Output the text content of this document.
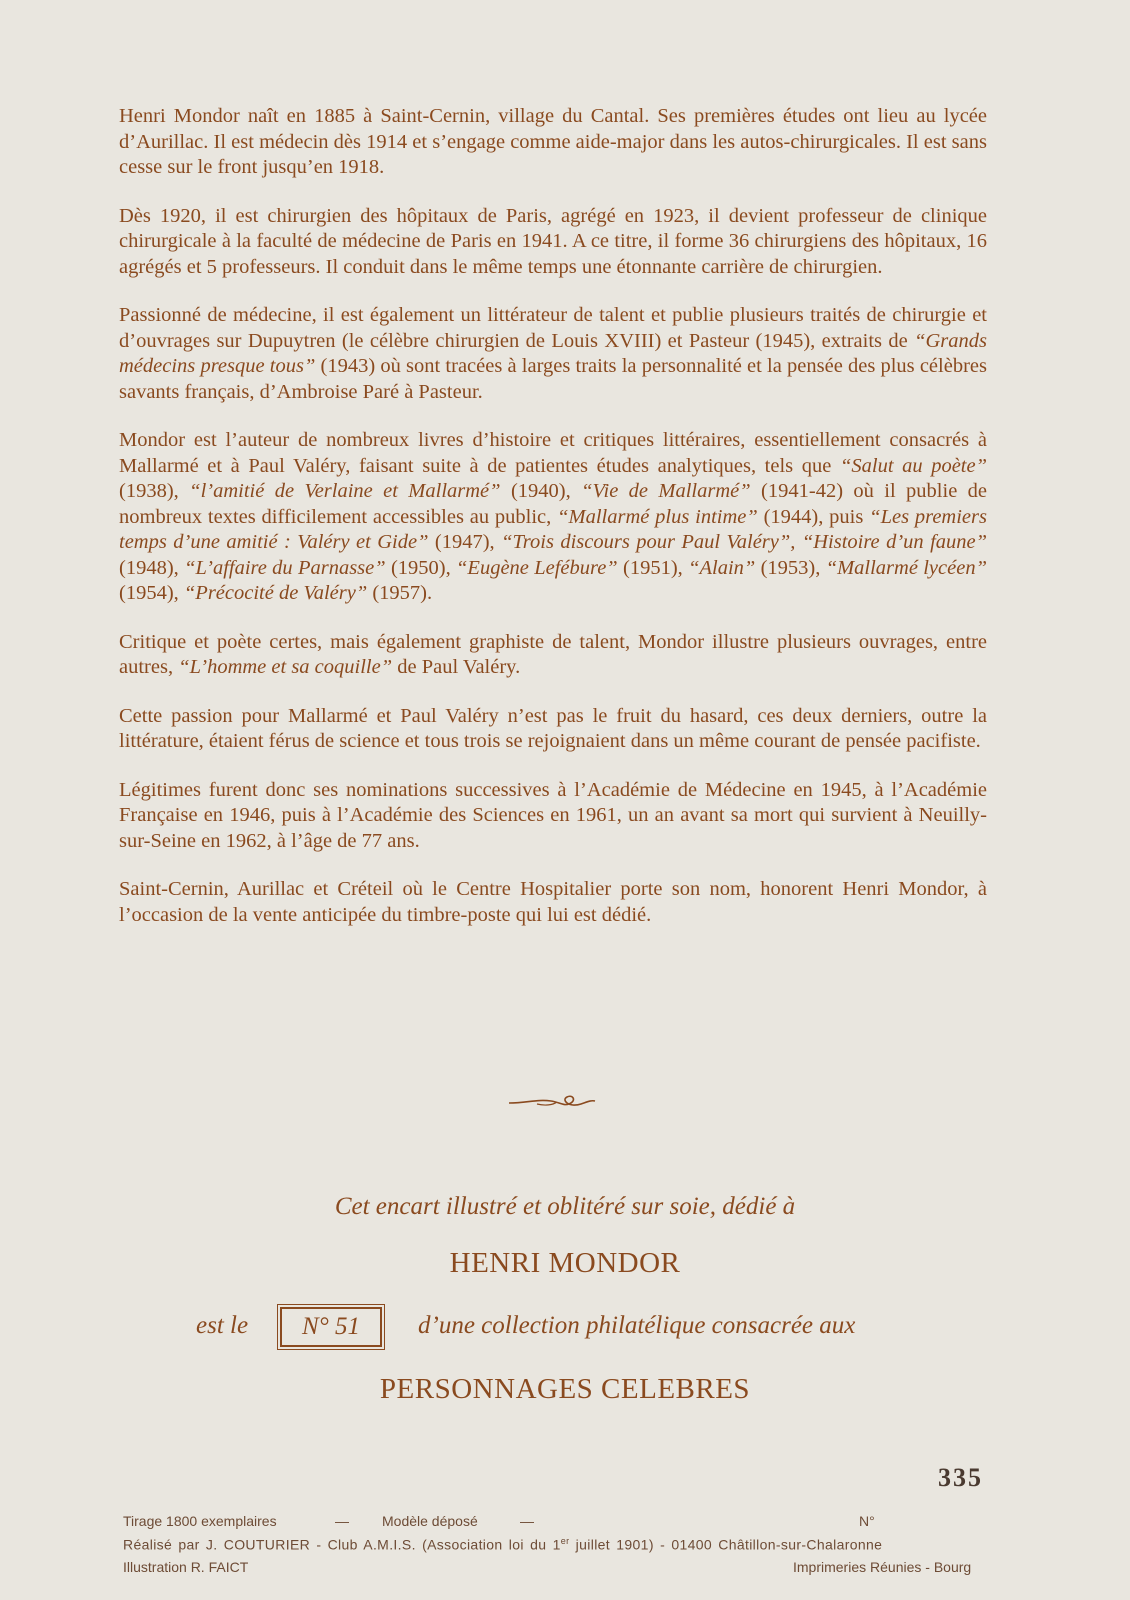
Henri Mondor naît en 1885 à Saint-Cernin, village du Cantal. Ses premières études ont lieu au lycée d’Aurillac. Il est médecin dès 1914 et s’engage comme aide-major dans les autos-chirurgicales. Il est sans cesse sur le front jusqu’en 1918.

Dès 1920, il est chirurgien des hôpitaux de Paris, agrégé en 1923, il devient professeur de clinique chirurgicale à la faculté de médecine de Paris en 1941. A ce titre, il forme 36 chirurgiens des hôpitaux, 16 agrégés et 5 professeurs. Il conduit dans le même temps une étonnante carrière de chirurgien.

Passionné de médecine, il est également un littérateur de talent et publie plusieurs traités de chirurgie et d’ouvrages sur Dupuytren (le célèbre chirurgien de Louis XVIII) et Pasteur (1945), extraits de “Grands médecins presque tous” (1943) où sont tracées à larges traits la personnalité et la pensée des plus célèbres savants français, d’Ambroise Paré à Pasteur.

Mondor est l’auteur de nombreux livres d’histoire et critiques littéraires, essentiellement consacrés à Mallarmé et à Paul Valéry, faisant suite à de patientes études analytiques, tels que “Salut au poète” (1938), “l’amitié de Verlaine et Mallarmé” (1940), “Vie de Mallarmé” (1941-42) où il publie de nombreux textes difficilement accessibles au public, “Mallarmé plus intime” (1944), puis “Les premiers temps d’une amitié : Valéry et Gide” (1947), “Trois discours pour Paul Valéry”, “Histoire d’un faune” (1948), “L’affaire du Parnasse” (1950), “Eugène Lefébure” (1951), “Alain” (1953), “Mallarmé lycéen” (1954), “Précocité de Valéry” (1957).

Critique et poète certes, mais également graphiste de talent, Mondor illustre plusieurs ouvrages, entre autres, “L’homme et sa coquille” de Paul Valéry.

Cette passion pour Mallarmé et Paul Valéry n’est pas le fruit du hasard, ces deux derniers, outre la littérature, étaient férus de science et tous trois se rejoignaient dans un même courant de pensée pacifiste.

Légitimes furent donc ses nominations successives à l’Académie de Médecine en 1945, à l’Académie Française en 1946, puis à l’Académie des Sciences en 1961, un an avant sa mort qui survient à Neuilly-sur-Seine en 1962, à l’âge de 77 ans.

Saint-Cernin, Aurillac et Créteil où le Centre Hospitalier porte son nom, honorent Henri Mondor, à l’occasion de la vente anticipée du timbre-poste qui lui est dédié.

Cet encart illustré et oblitéré sur soie, dédié à
HENRI MONDOR
est le	N° 51	d’une collection philatélique consacrée aux
PERSONNAGES CELEBRES
335
Tirage 1800 exemplaires	— Modèle déposé	—	N°
Réalisé par J. COUTURIER - Club A.M.I.S. (Association loi du 1er juillet 1901) - 01400 Châtillon-sur-Chalaronne
Illustration R. FAICT	Imprimeries Réunies - Bourg
